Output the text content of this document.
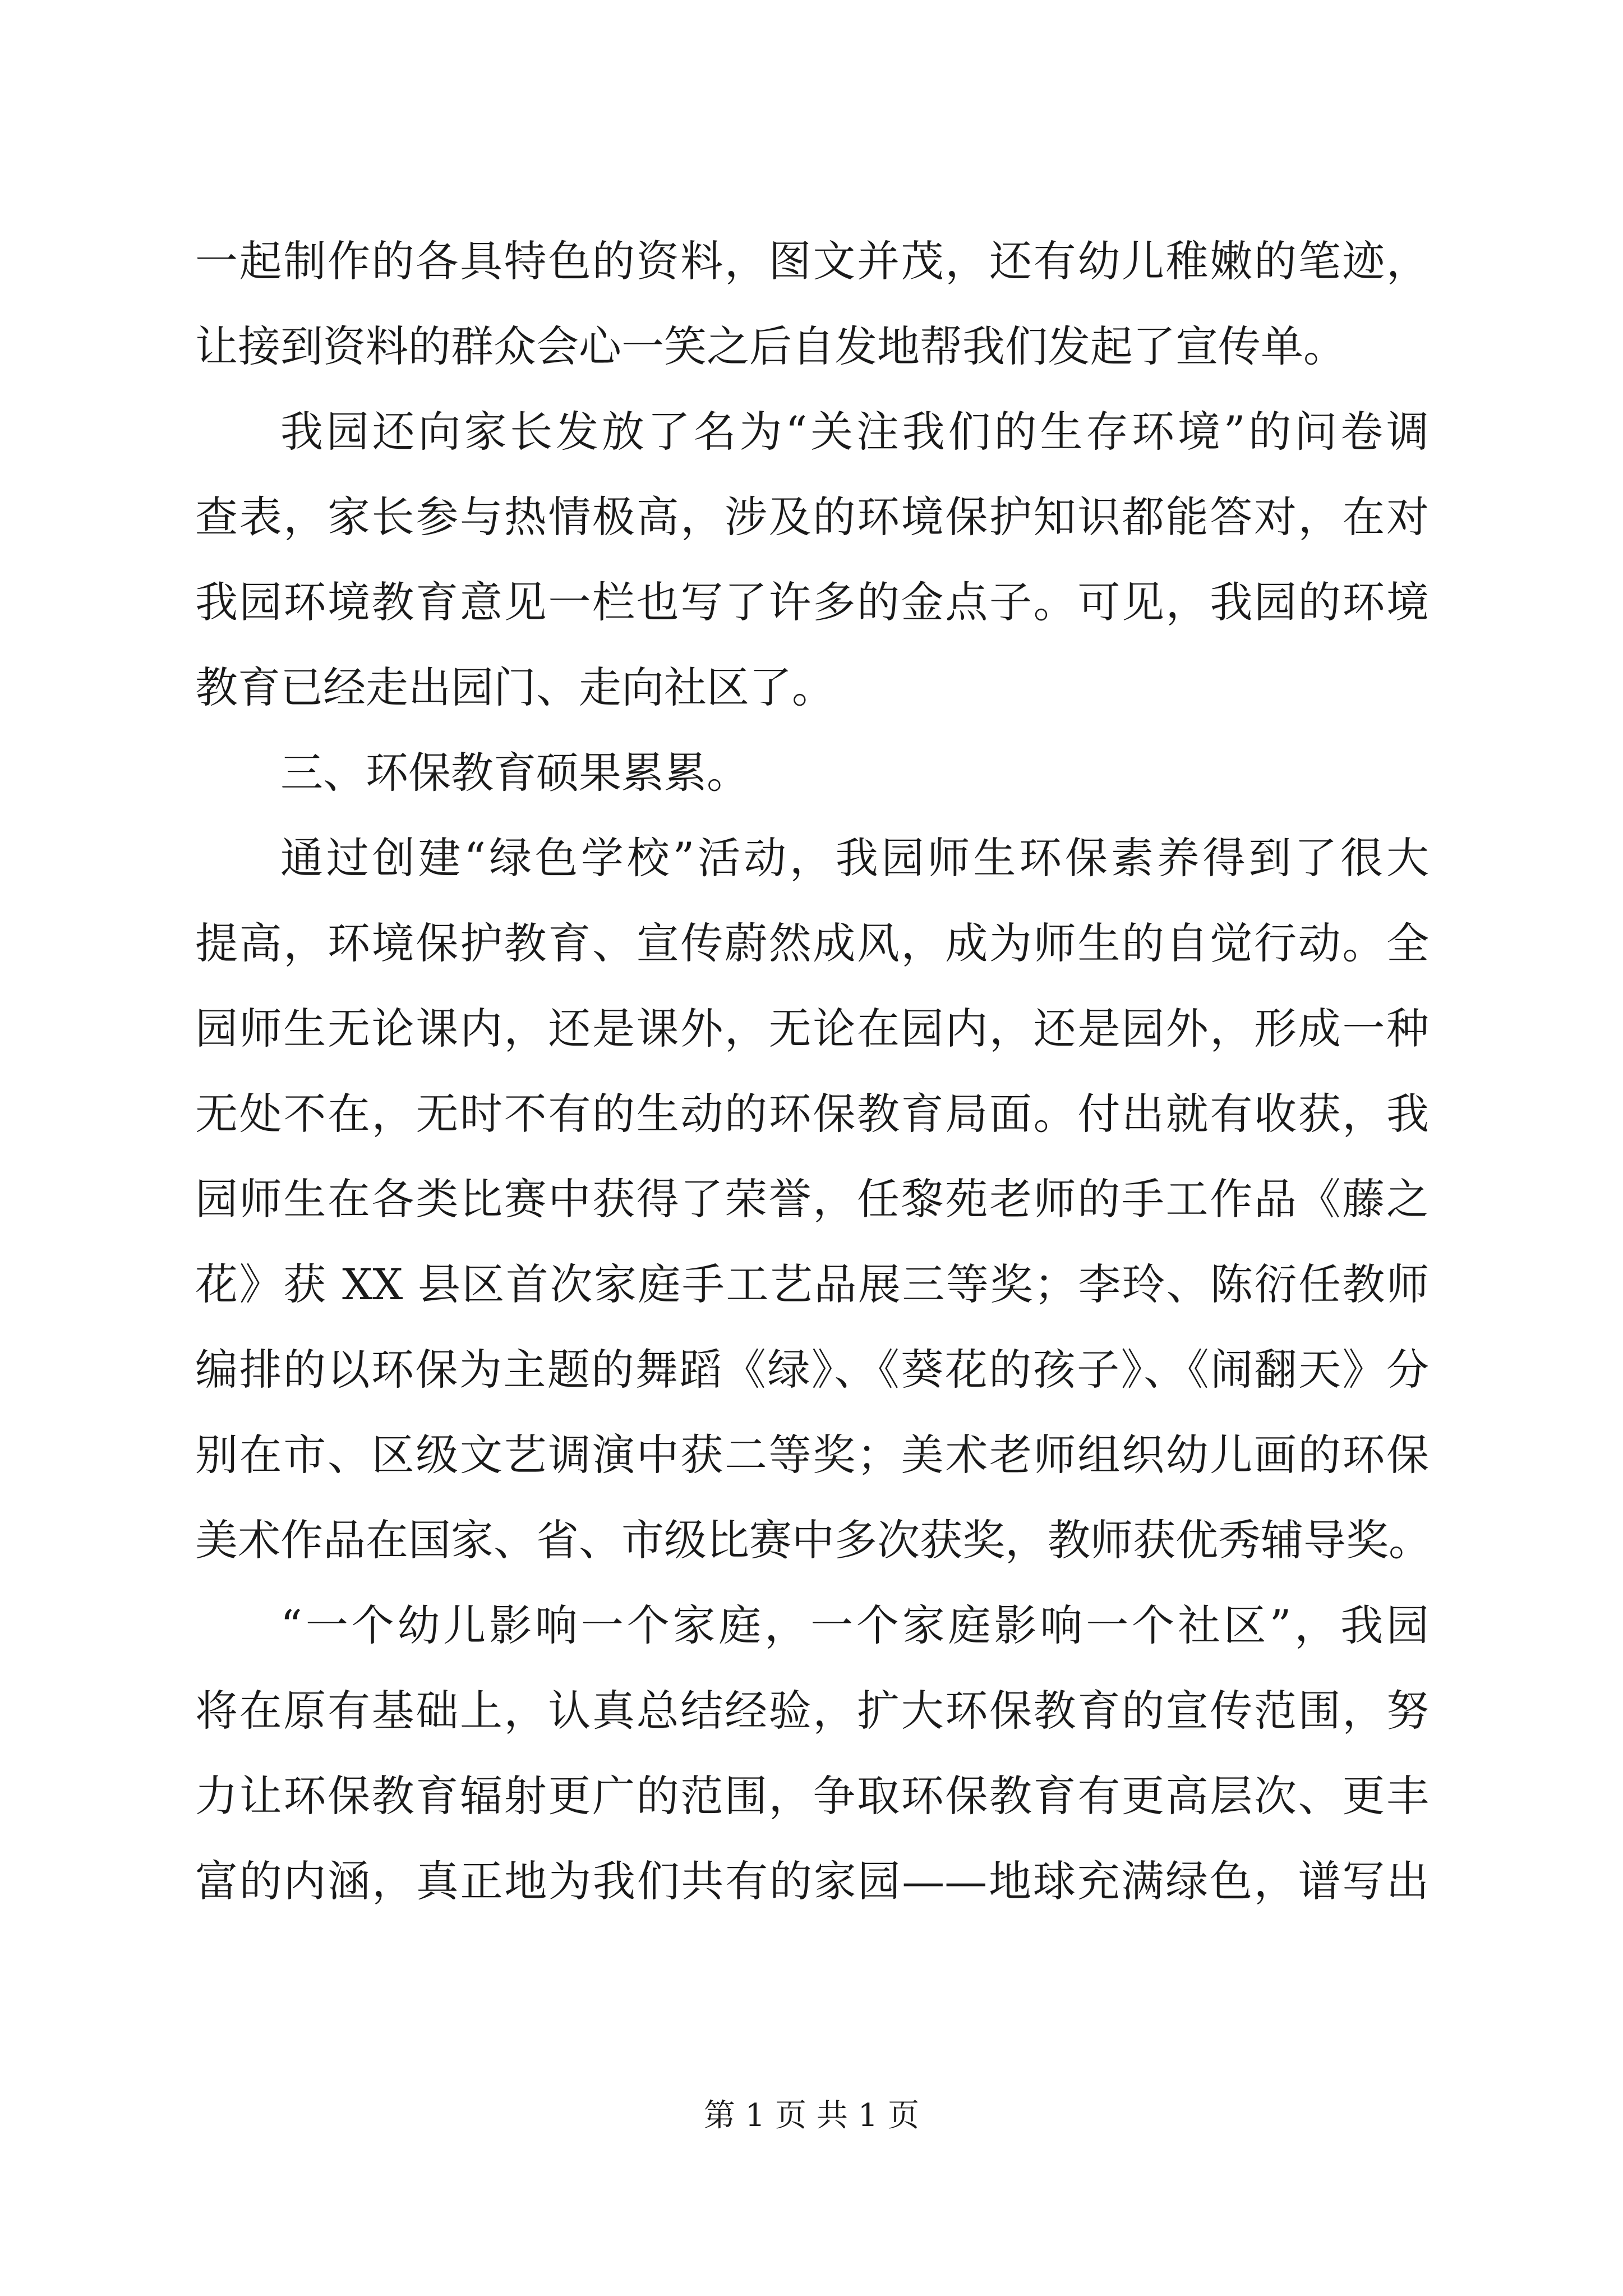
一起制作的各具特色的资料，图文并茂，还有幼儿稚嫩的笔迹，
让接到资料的群众会心一笑之后自发地帮我们发起了宣传单。
我园还向家长发放了名为“关注我们的生存环境”的问卷调
查表，家长参与热情极高，涉及的环境保护知识都能答对，在对
我园环境教育意见一栏也写了许多的金点子。可见，我园的环境
教育已经走出园门、走向社区了。
三、环保教育硕果累累。
通过创建“绿色学校”活动，我园师生环保素养得到了很大
提高，环境保护教育、宣传蔚然成风，成为师生的自觉行动。全
园师生无论课内，还是课外，无论在园内，还是园外，形成一种
无处不在，无时不有的生动的环保教育局面。付出就有收获，我
园师生在各类比赛中获得了荣誉，任黎苑老师的手工作品《藤之
花》获 XX 县区首次家庭手工艺品展三等奖；李玲、陈衍任教师
编排的以环保为主题的舞蹈《绿》、《葵花的孩子》、《闹翻天》分
别在市、区级文艺调演中获二等奖；美术老师组织幼儿画的环保
美术作品在国家、省、市级比赛中多次获奖，教师获优秀辅导奖。
“一个幼儿影响一个家庭，一个家庭影响一个社区”，我园
将在原有基础上，认真总结经验，扩大环保教育的宣传范围，努
力让环保教育辐射更广的范围，争取环保教育有更高层次、更丰
富的内涵，真正地为我们共有的家园——地球充满绿色，谱写出
第 1 页 共 1 页
